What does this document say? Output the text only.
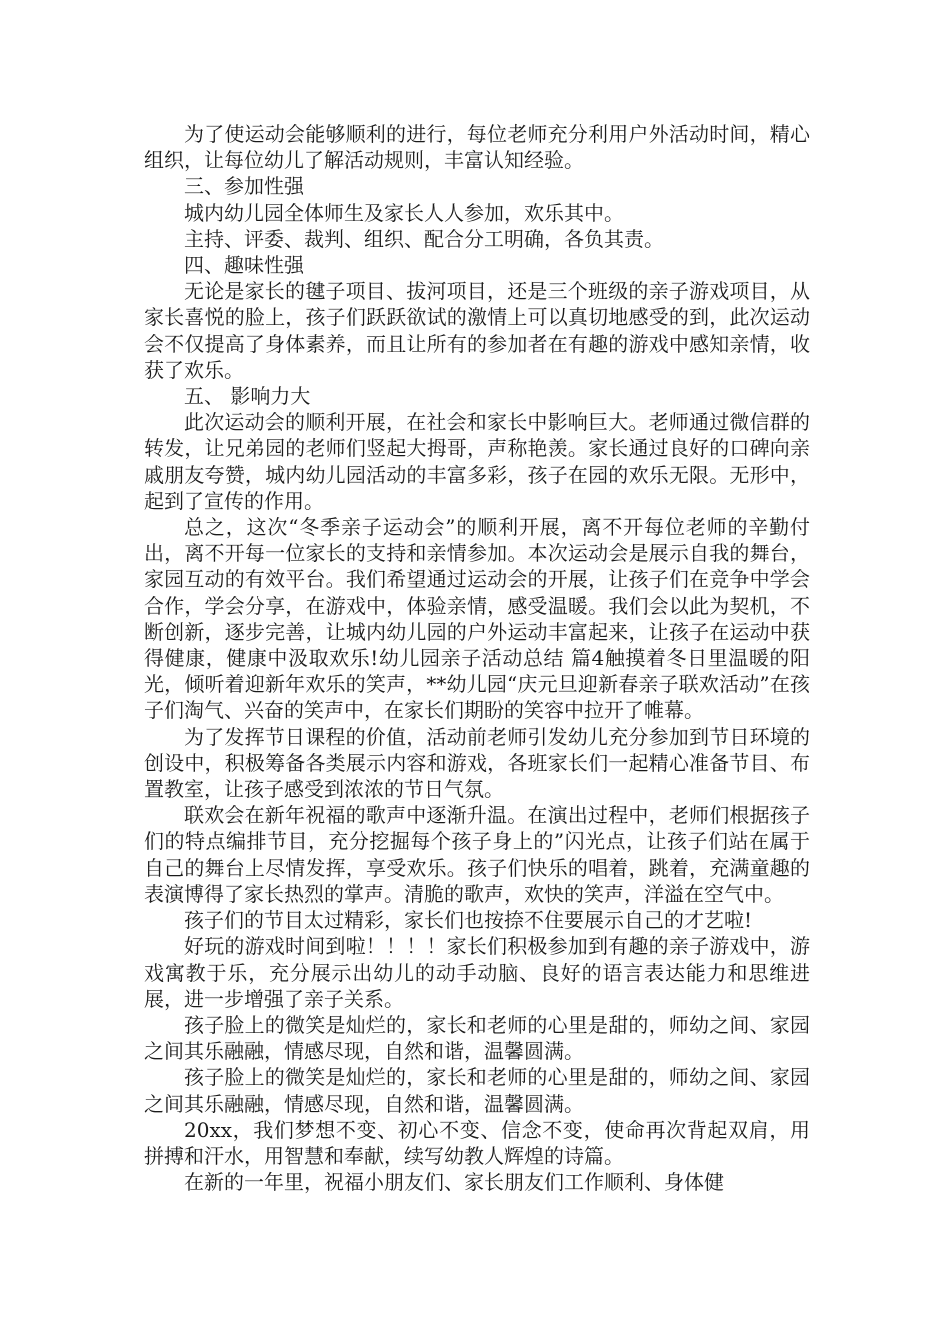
为了使运动会能够顺利的进行，每位老师充分利用户外活动时间，精心组织，让每位幼儿了解活动规则，丰富认知经验。

三、参加性强

城内幼儿园全体师生及家长人人参加，欢乐其中。

主持、评委、裁判、组织、配合分工明确，各负其责。

四、趣味性强

无论是家长的毽子项目、拔河项目，还是三个班级的亲子游戏项目，从家长喜悦的脸上，孩子们跃跃欲试的激情上可以真切地感受的到，此次运动会不仅提高了身体素养，而且让所有的参加者在有趣的游戏中感知亲情，收获了欢乐。

五、 影响力大

此次运动会的顺利开展，在社会和家长中影响巨大。老师通过微信群的转发，让兄弟园的老师们竖起大拇哥，声称艳羡。家长通过良好的口碑向亲戚朋友夸赞，城内幼儿园活动的丰富多彩，孩子在园的欢乐无限。无形中，起到了宣传的作用。

总之，这次“冬季亲子运动会”的顺利开展，离不开每位老师的辛勤付出，离不开每一位家长的支持和亲情参加。本次运动会是展示自我的舞台，家园互动的有效平台。我们希望通过运动会的开展，让孩子们在竞争中学会合作，学会分享，在游戏中，体验亲情，感受温暖。我们会以此为契机，不断创新，逐步完善，让城内幼儿园的户外运动丰富起来，让孩子在运动中获得健康，健康中汲取欢乐!幼儿园亲子活动总结 篇4触摸着冬日里温暖的阳光，倾听着迎新年欢乐的笑声，**幼儿园“庆元旦迎新春亲子联欢活动”在孩子们淘气、兴奋的笑声中，在家长们期盼的笑容中拉开了帷幕。

为了发挥节日课程的价值，活动前老师引发幼儿充分参加到节日环境的创设中，积极筹备各类展示内容和游戏，各班家长们一起精心准备节目、布置教室，让孩子感受到浓浓的节日气氛。

联欢会在新年祝福的歌声中逐渐升温。在演出过程中，老师们根据孩子们的特点编排节目，充分挖掘每个孩子身上的”闪光点，让孩子们站在属于自己的舞台上尽情发挥，享受欢乐。孩子们快乐的唱着，跳着，充满童趣的表演博得了家长热烈的掌声。清脆的歌声，欢快的笑声，洋溢在空气中。

孩子们的节目太过精彩，家长们也按捺不住要展示自己的才艺啦!

好玩的游戏时间到啦！！！！家长们积极参加到有趣的亲子游戏中，游戏寓教于乐，充分展示出幼儿的动手动脑、良好的语言表达能力和思维进展，进一步增强了亲子关系。

孩子脸上的微笑是灿烂的，家长和老师的心里是甜的，师幼之间、家园之间其乐融融，情感尽现，自然和谐，温馨圆满。

孩子脸上的微笑是灿烂的，家长和老师的心里是甜的，师幼之间、家园之间其乐融融，情感尽现，自然和谐，温馨圆满。

20xx，我们梦想不变、初心不变、信念不变，使命再次背起双肩，用拼搏和汗水，用智慧和奉献，续写幼教人辉煌的诗篇。

在新的一年里，祝福小朋友们、家长朋友们工作顺利、身体健
